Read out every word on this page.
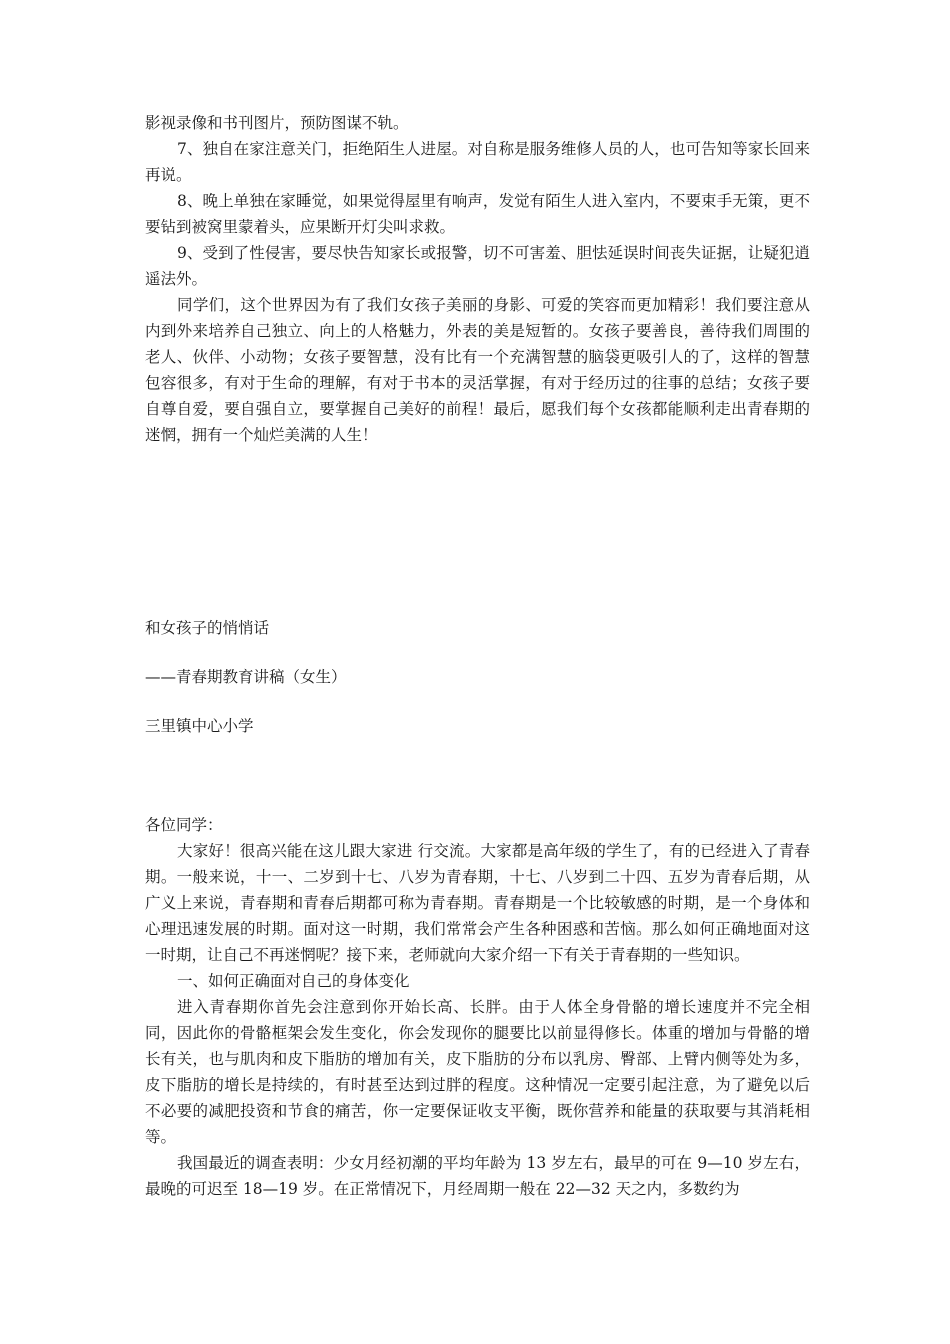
影视录像和书刊图片，预防图谋不轨。

7、独自在家注意关门，拒绝陌生人进屋。对自称是服务维修人员的人，也可告知等家长回来再说。

8、晚上单独在家睡觉，如果觉得屋里有响声，发觉有陌生人进入室内，不要束手无策，更不要钻到被窝里蒙着头，应果断开灯尖叫求救。

9、受到了性侵害，要尽快告知家长或报警，切不可害羞、胆怯延误时间丧失证据，让疑犯逍遥法外。

同学们，这个世界因为有了我们女孩子美丽的身影、可爱的笑容而更加精彩！我们要注意从内到外来培养自己独立、向上的人格魅力，外表的美是短暂的。女孩子要善良，善待我们周围的老人、伙伴、小动物；女孩子要智慧，没有比有一个充满智慧的脑袋更吸引人的了，这样的智慧包容很多，有对于生命的理解，有对于书本的灵活掌握，有对于经历过的往事的总结；女孩子要自尊自爱，要自强自立，要掌握自己美好的前程！最后，愿我们每个女孩都能顺利走出青春期的迷惘，拥有一个灿烂美满的人生！

和女孩子的悄悄话
——青春期教育讲稿（女生）
三里镇中心小学

各位同学：

大家好！很高兴能在这儿跟大家进 行交流。大家都是高年级的学生了，有的已经进入了青春期。一般来说，十一、二岁到十七、八岁为青春期，十七、八岁到二十四、五岁为青春后期，从广义上来说，青春期和青春后期都可称为青春期。青春期是一个比较敏感的时期，是一个身体和心理迅速发展的时期。面对这一时期，我们常常会产生各种困惑和苦恼。那么如何正确地面对这一时期，让自己不再迷惘呢？接下来，老师就向大家介绍一下有关于青春期的一些知识。

一、如何正确面对自己的身体变化

进入青春期你首先会注意到你开始长高、长胖。由于人体全身骨骼的增长速度并不完全相同，因此你的骨骼框架会发生变化，你会发现你的腿要比以前显得修长。体重的增加与骨骼的增长有关，也与肌肉和皮下脂肪的增加有关，皮下脂肪的分布以乳房、臀部、上臂内侧等处为多，皮下脂肪的增长是持续的，有时甚至达到过胖的程度。这种情况一定要引起注意，为了避免以后不必要的减肥投资和节食的痛苦，你一定要保证收支平衡，既你营养和能量的获取要与其消耗相等。

我国最近的调查表明：少女月经初潮的平均年龄为 13 岁左右，最早的可在 9—10 岁左右，最晚的可迟至 18—19 岁。在正常情况下，月经周期一般在 22—32 天之内，多数约为
